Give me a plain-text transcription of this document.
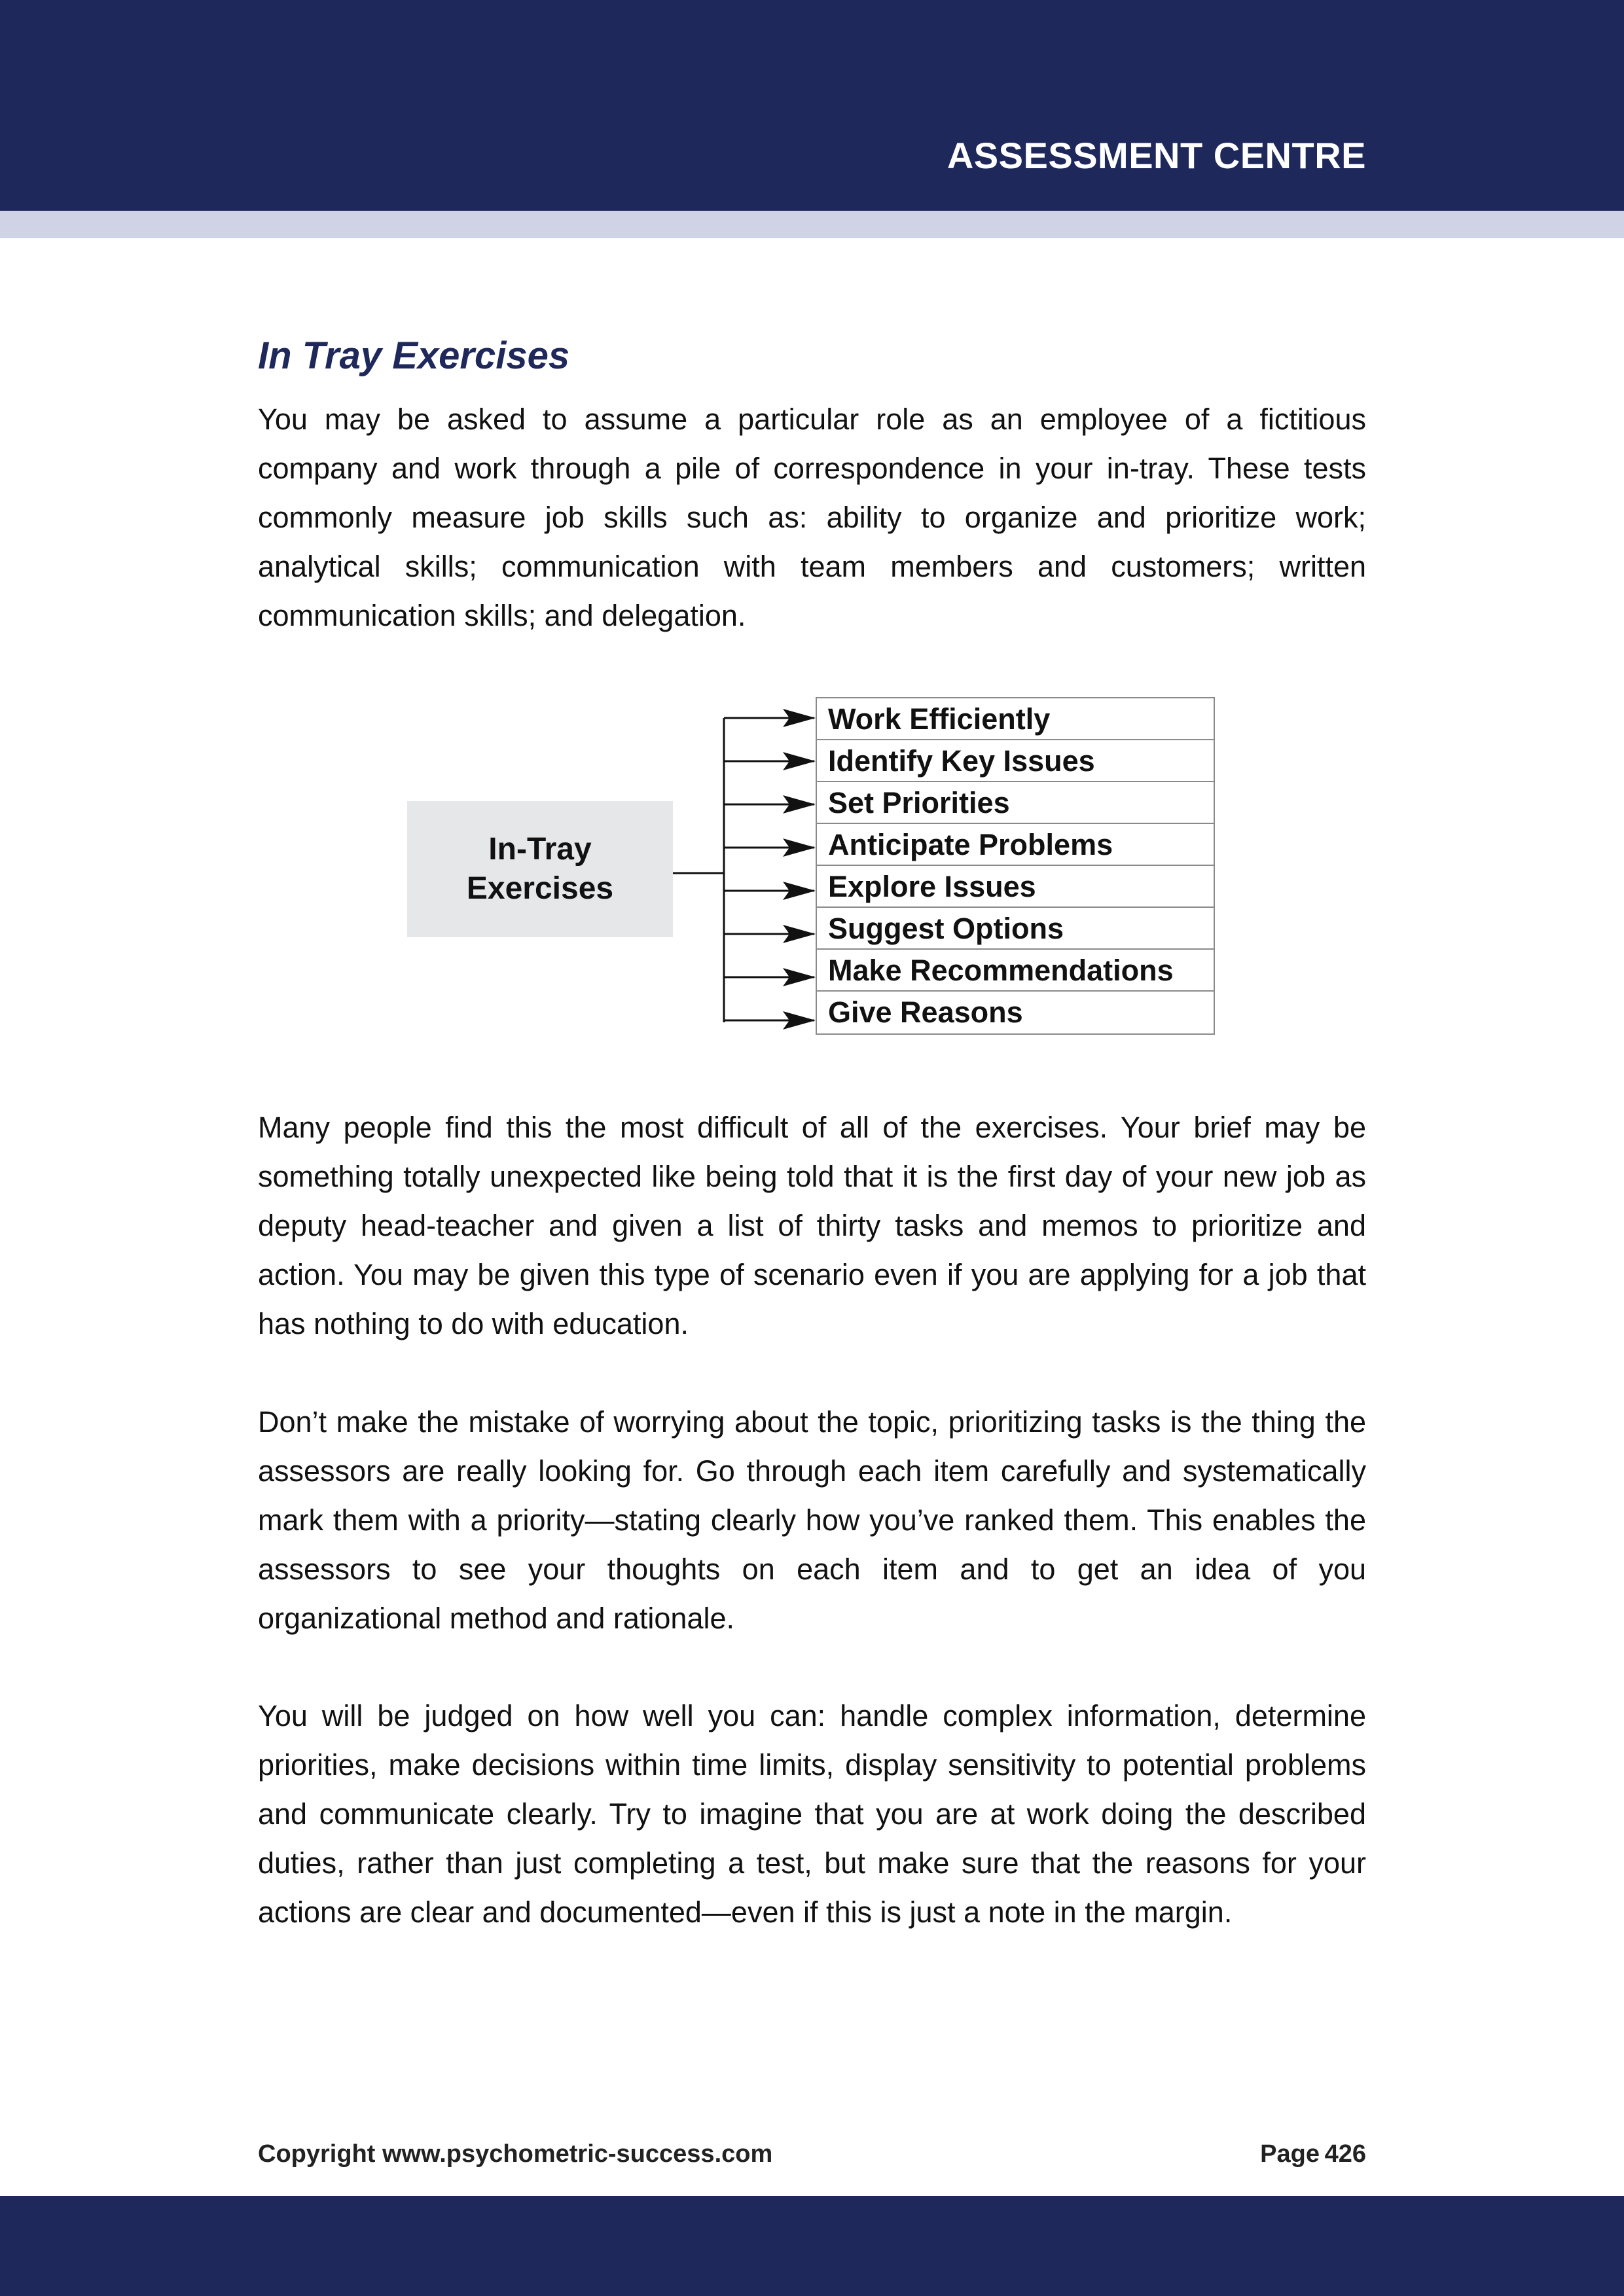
ASSESSMENT CENTRE
In Tray Exercises

You may be asked to assume a particular role as an employee of a fictitious company and work through a pile of correspondence in your in-tray. These tests commonly measure job skills such as: ability to organize and prioritize work; analytical skills; communication with team members and customers; written communication skills; and delegation.

In-Tray
Exercises
Work Efficiently
Identify Key Issues
Set Priorities
Anticipate Problems
Explore Issues
Suggest Options
Make Recommendations
Give Reasons

Many people find this the most difficult of all of the exercises. Your brief may be something totally unexpected like being told that it is the first day of your new job as deputy head-teacher and given a list of thirty tasks and memos to prioritize and action. You may be given this type of scenario even if you are applying for a job that has nothing to do with education.

Don’t make the mistake of worrying about the topic, prioritizing tasks is the thing the assessors are really looking for. Go through each item carefully and systematically mark them with a priority—stating clearly how you’ve ranked them. This enables the assessors to see your thoughts on each item and to get an idea of you organizational method and rationale.

You will be judged on how well you can: handle complex information, determine priorities, make decisions within time limits, display sensitivity to potential problems and communicate clearly. Try to imagine that you are at work doing the described duties, rather than just completing a test, but make sure that the reasons for your actions are clear and documented—even if this is just a note in the margin.

Copyright www.psychometric-success.com	Page  426
